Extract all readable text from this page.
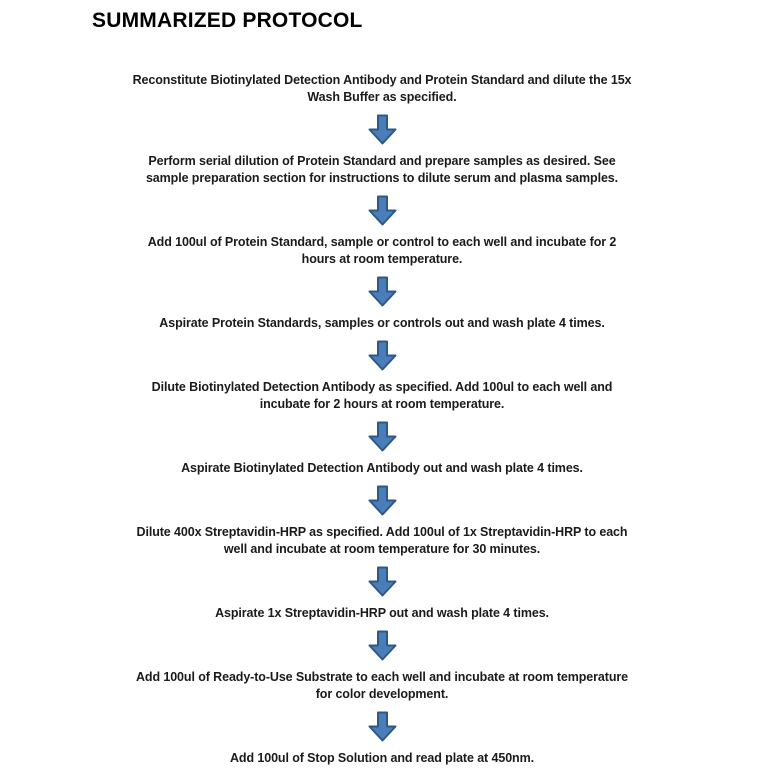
SUMMARIZED PROTOCOL

Reconstitute Biotinylated Detection Antibody and Protein Standard and dilute the 15x
Wash Buffer as specified.

Perform serial dilution of Protein Standard and prepare samples as desired. See
sample preparation section for instructions to dilute serum and plasma samples.

Add 100ul of Protein Standard, sample or control to each well and incubate for 2
hours at room temperature.

Aspirate Protein Standards, samples or controls out and wash plate 4 times.

Dilute Biotinylated Detection Antibody as specified. Add 100ul to each well and
incubate for 2 hours at room temperature.

Aspirate Biotinylated Detection Antibody out and wash plate 4 times.

Dilute 400x Streptavidin-HRP as specified. Add 100ul of 1x Streptavidin-HRP to each
well and incubate at room temperature for 30 minutes.

Aspirate 1x Streptavidin-HRP out and wash plate 4 times.

Add 100ul of Ready-to-Use Substrate to each well and incubate at room temperature
for color development.

Add 100ul of Stop Solution and read plate at 450nm.
